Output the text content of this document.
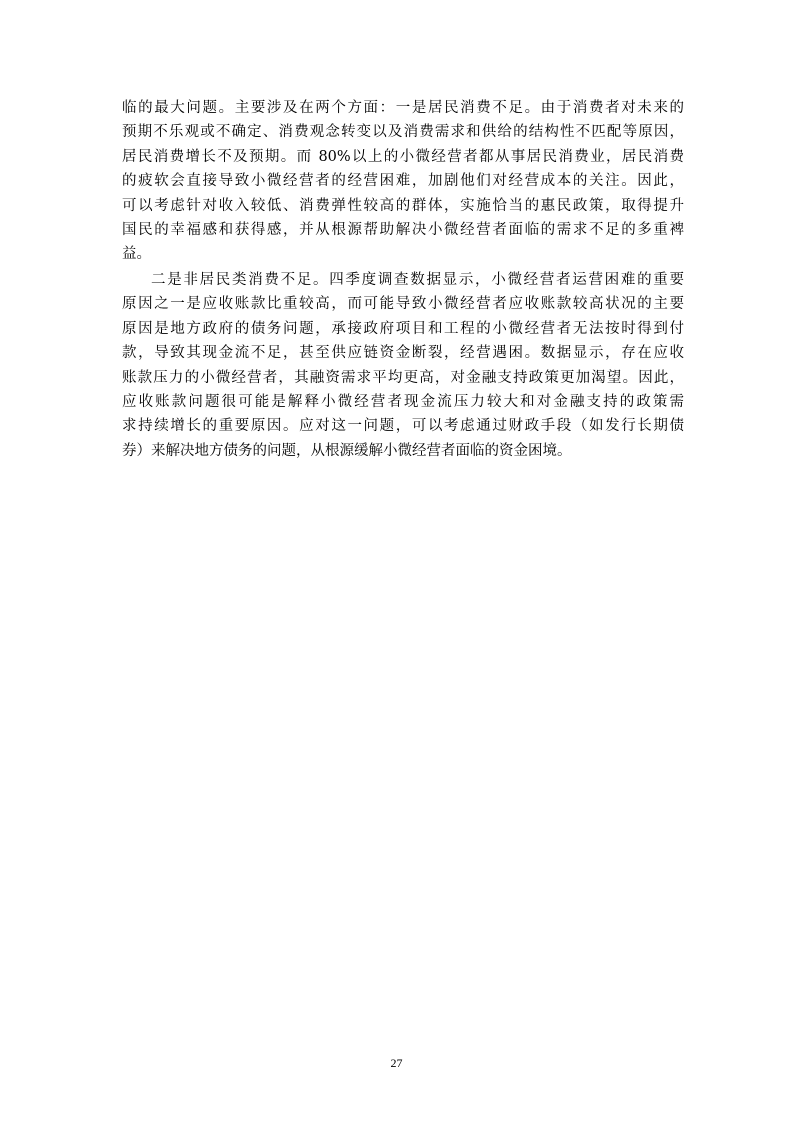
临的最大问题。主要涉及在两个方面：一是居民消费不足。由于消费者对未来的
预期不乐观或不确定、消费观念转变以及消费需求和供给的结构性不匹配等原因，
居民消费增长不及预期。而 80%以上的小微经营者都从事居民消费业，居民消费
的疲软会直接导致小微经营者的经营困难，加剧他们对经营成本的关注。因此，
可以考虑针对收入较低、消费弹性较高的群体，实施恰当的惠民政策，取得提升
国民的幸福感和获得感，并从根源帮助解决小微经营者面临的需求不足的多重裨
益。
二是非居民类消费不足。四季度调查数据显示，小微经营者运营困难的重要
原因之一是应收账款比重较高，而可能导致小微经营者应收账款较高状况的主要
原因是地方政府的债务问题，承接政府项目和工程的小微经营者无法按时得到付
款，导致其现金流不足，甚至供应链资金断裂，经营遇困。数据显示，存在应收
账款压力的小微经营者，其融资需求平均更高，对金融支持政策更加渴望。因此，
应收账款问题很可能是解释小微经营者现金流压力较大和对金融支持的政策需
求持续增长的重要原因。应对这一问题，可以考虑通过财政手段（如发行长期债
券）来解决地方债务的问题，从根源缓解小微经营者面临的资金困境。
27
